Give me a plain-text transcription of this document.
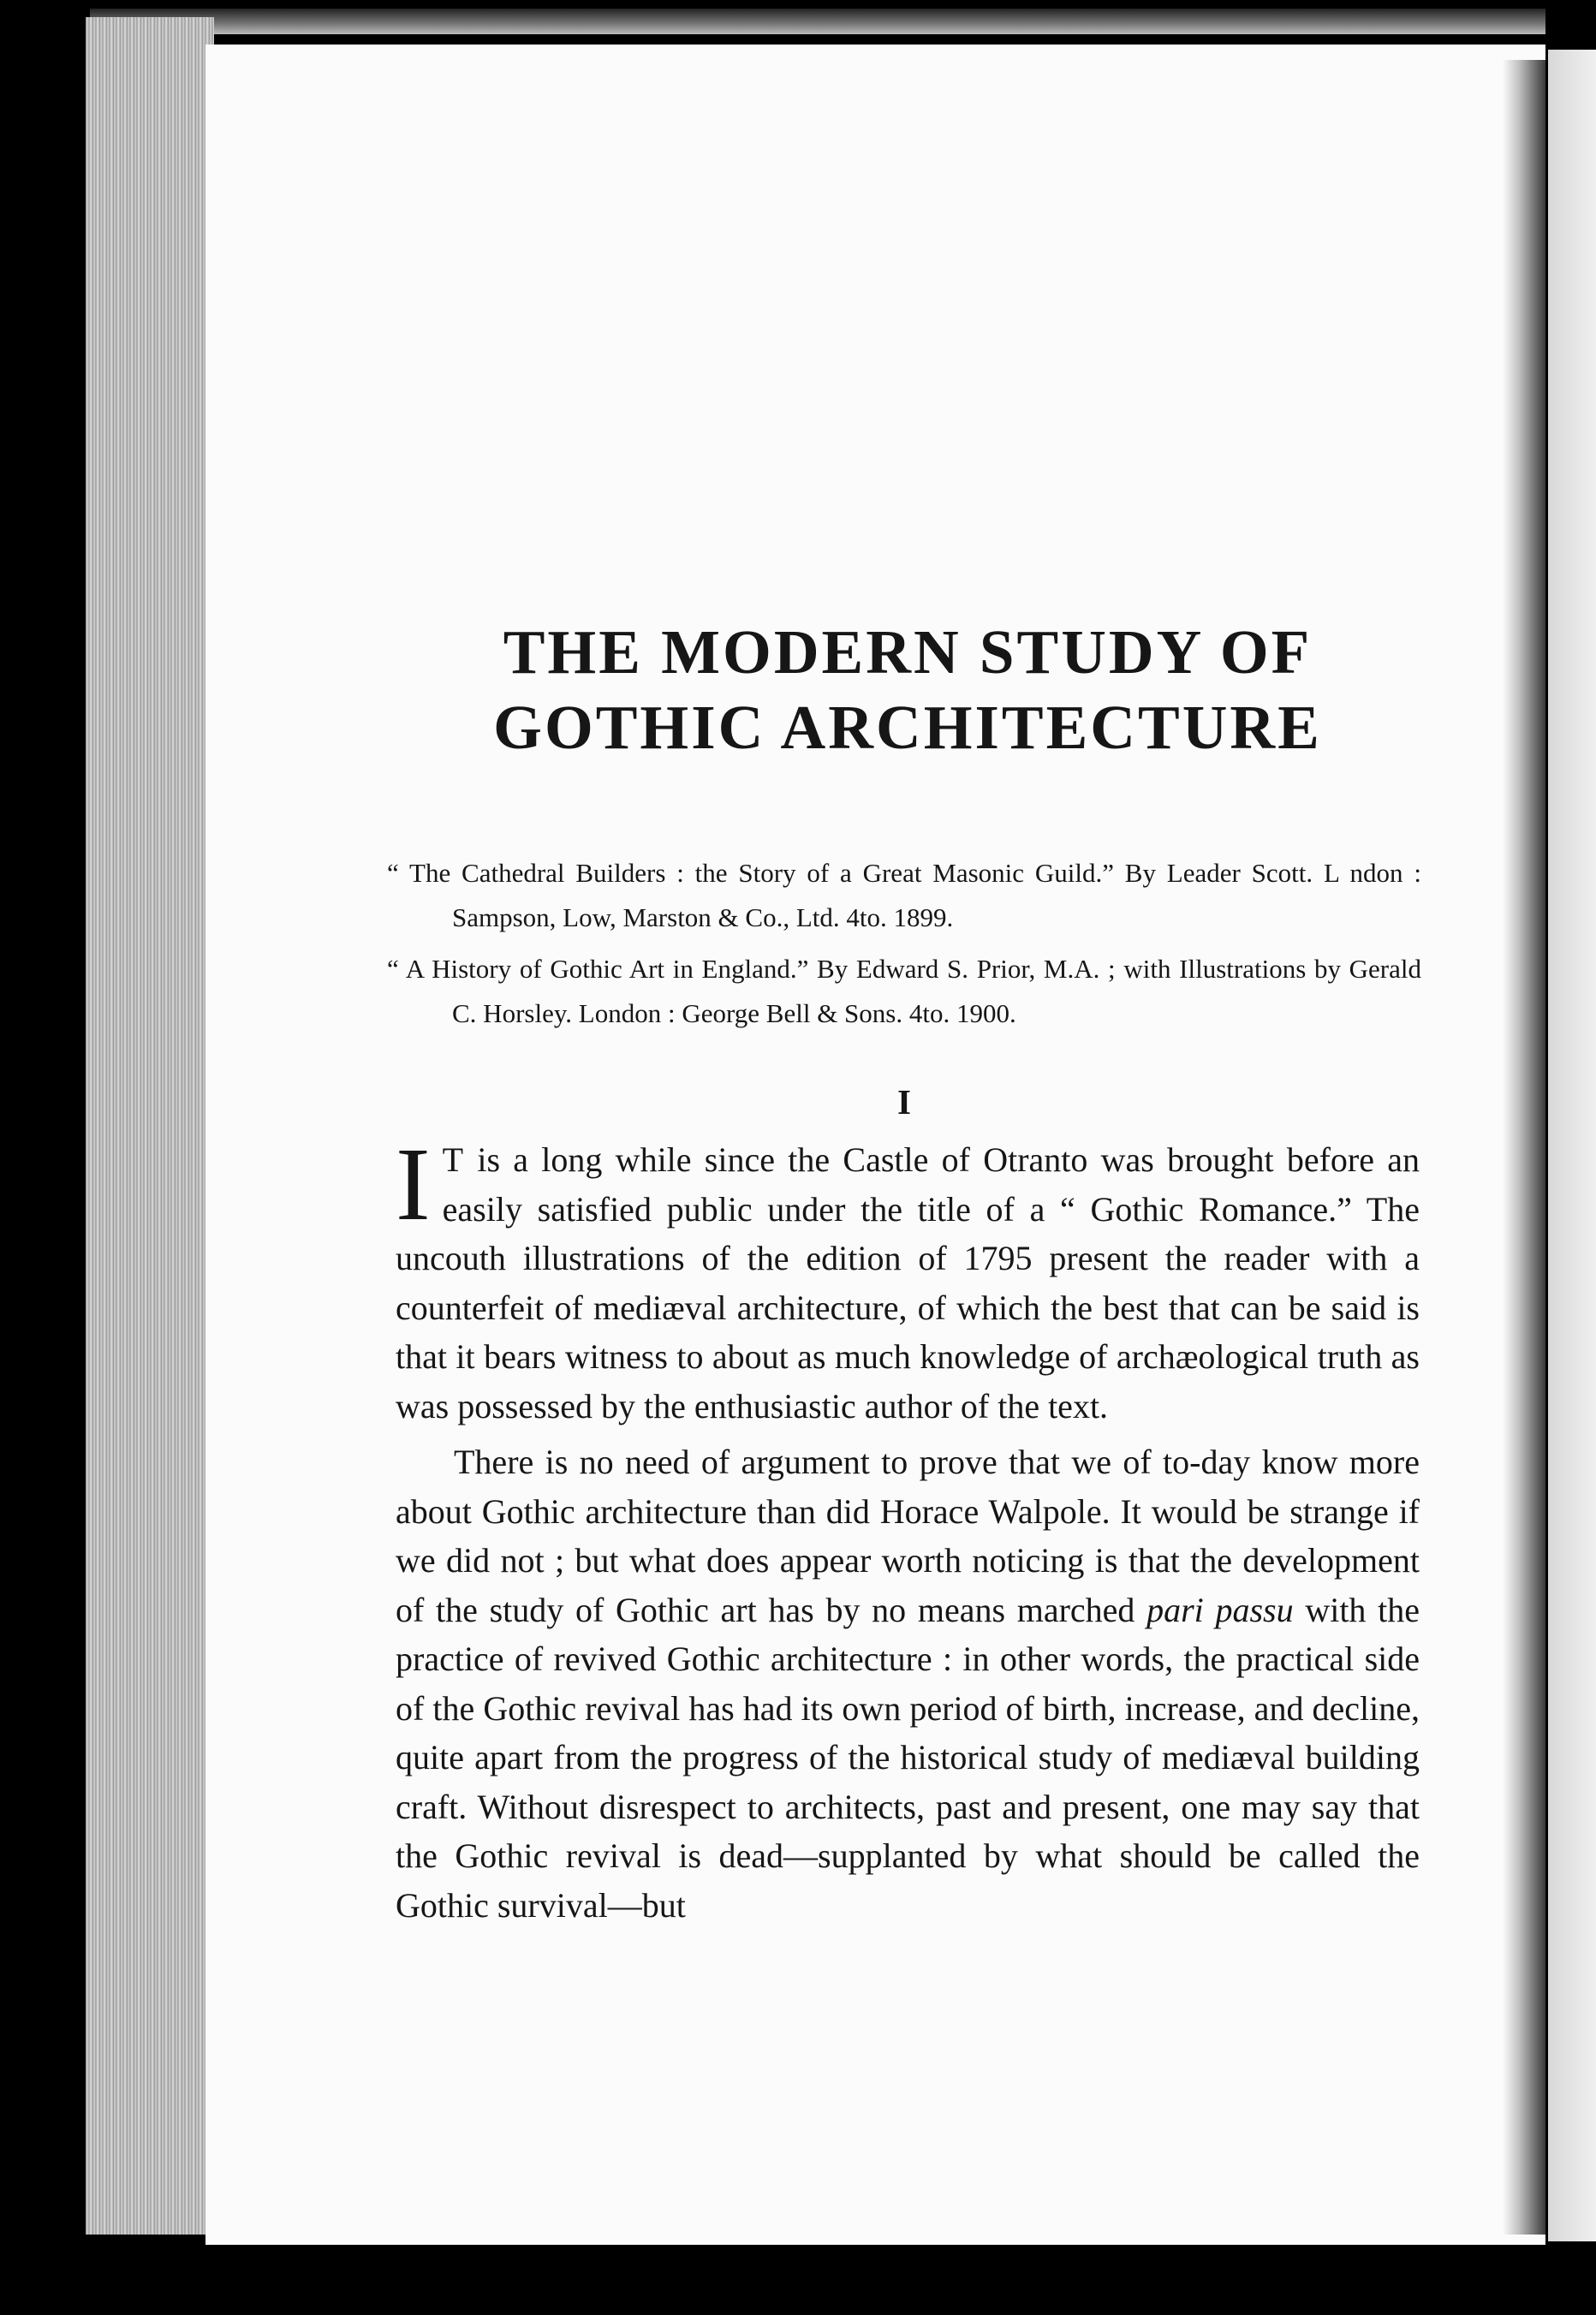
THE MODERN STUDY OF
GOTHIC ARCHITECTURE

“ The Cathedral Builders : the Story of a Great Masonic Guild.” By Leader Scott. L ndon : Sampson, Low, Marston & Co., Ltd. 4to. 1899.

“ A History of Gothic Art in England.” By Edward S. Prior, M.A. ; with Illustrations by Gerald C. Horsley. London : George Bell & Sons. 4to. 1900.

I

I T is a long while since the Castle of Otranto was brought before an easily satisfied public under the title of a “ Gothic Romance.” The uncouth illustrations of the edition of 1795 present the reader with a counterfeit of mediæval architecture, of which the best that can be said is that it bears witness to about as much knowledge of archæological truth as was possessed by the enthusiastic author of the text.

There is no need of argument to prove that we of to-day know more about Gothic architecture than did Horace Walpole. It would be strange if we did not ; but what does appear worth noticing is that the development of the study of Gothic art has by no means marched pari passu with the practice of revived Gothic architecture : in other words, the practical side of the Gothic revival has had its own period of birth, increase, and decline, quite apart from the progress of the historical study of mediæval building craft. Without disrespect to architects, past and present, one may say that the Gothic revival is dead—supplanted by what should be called the Gothic survival—but
